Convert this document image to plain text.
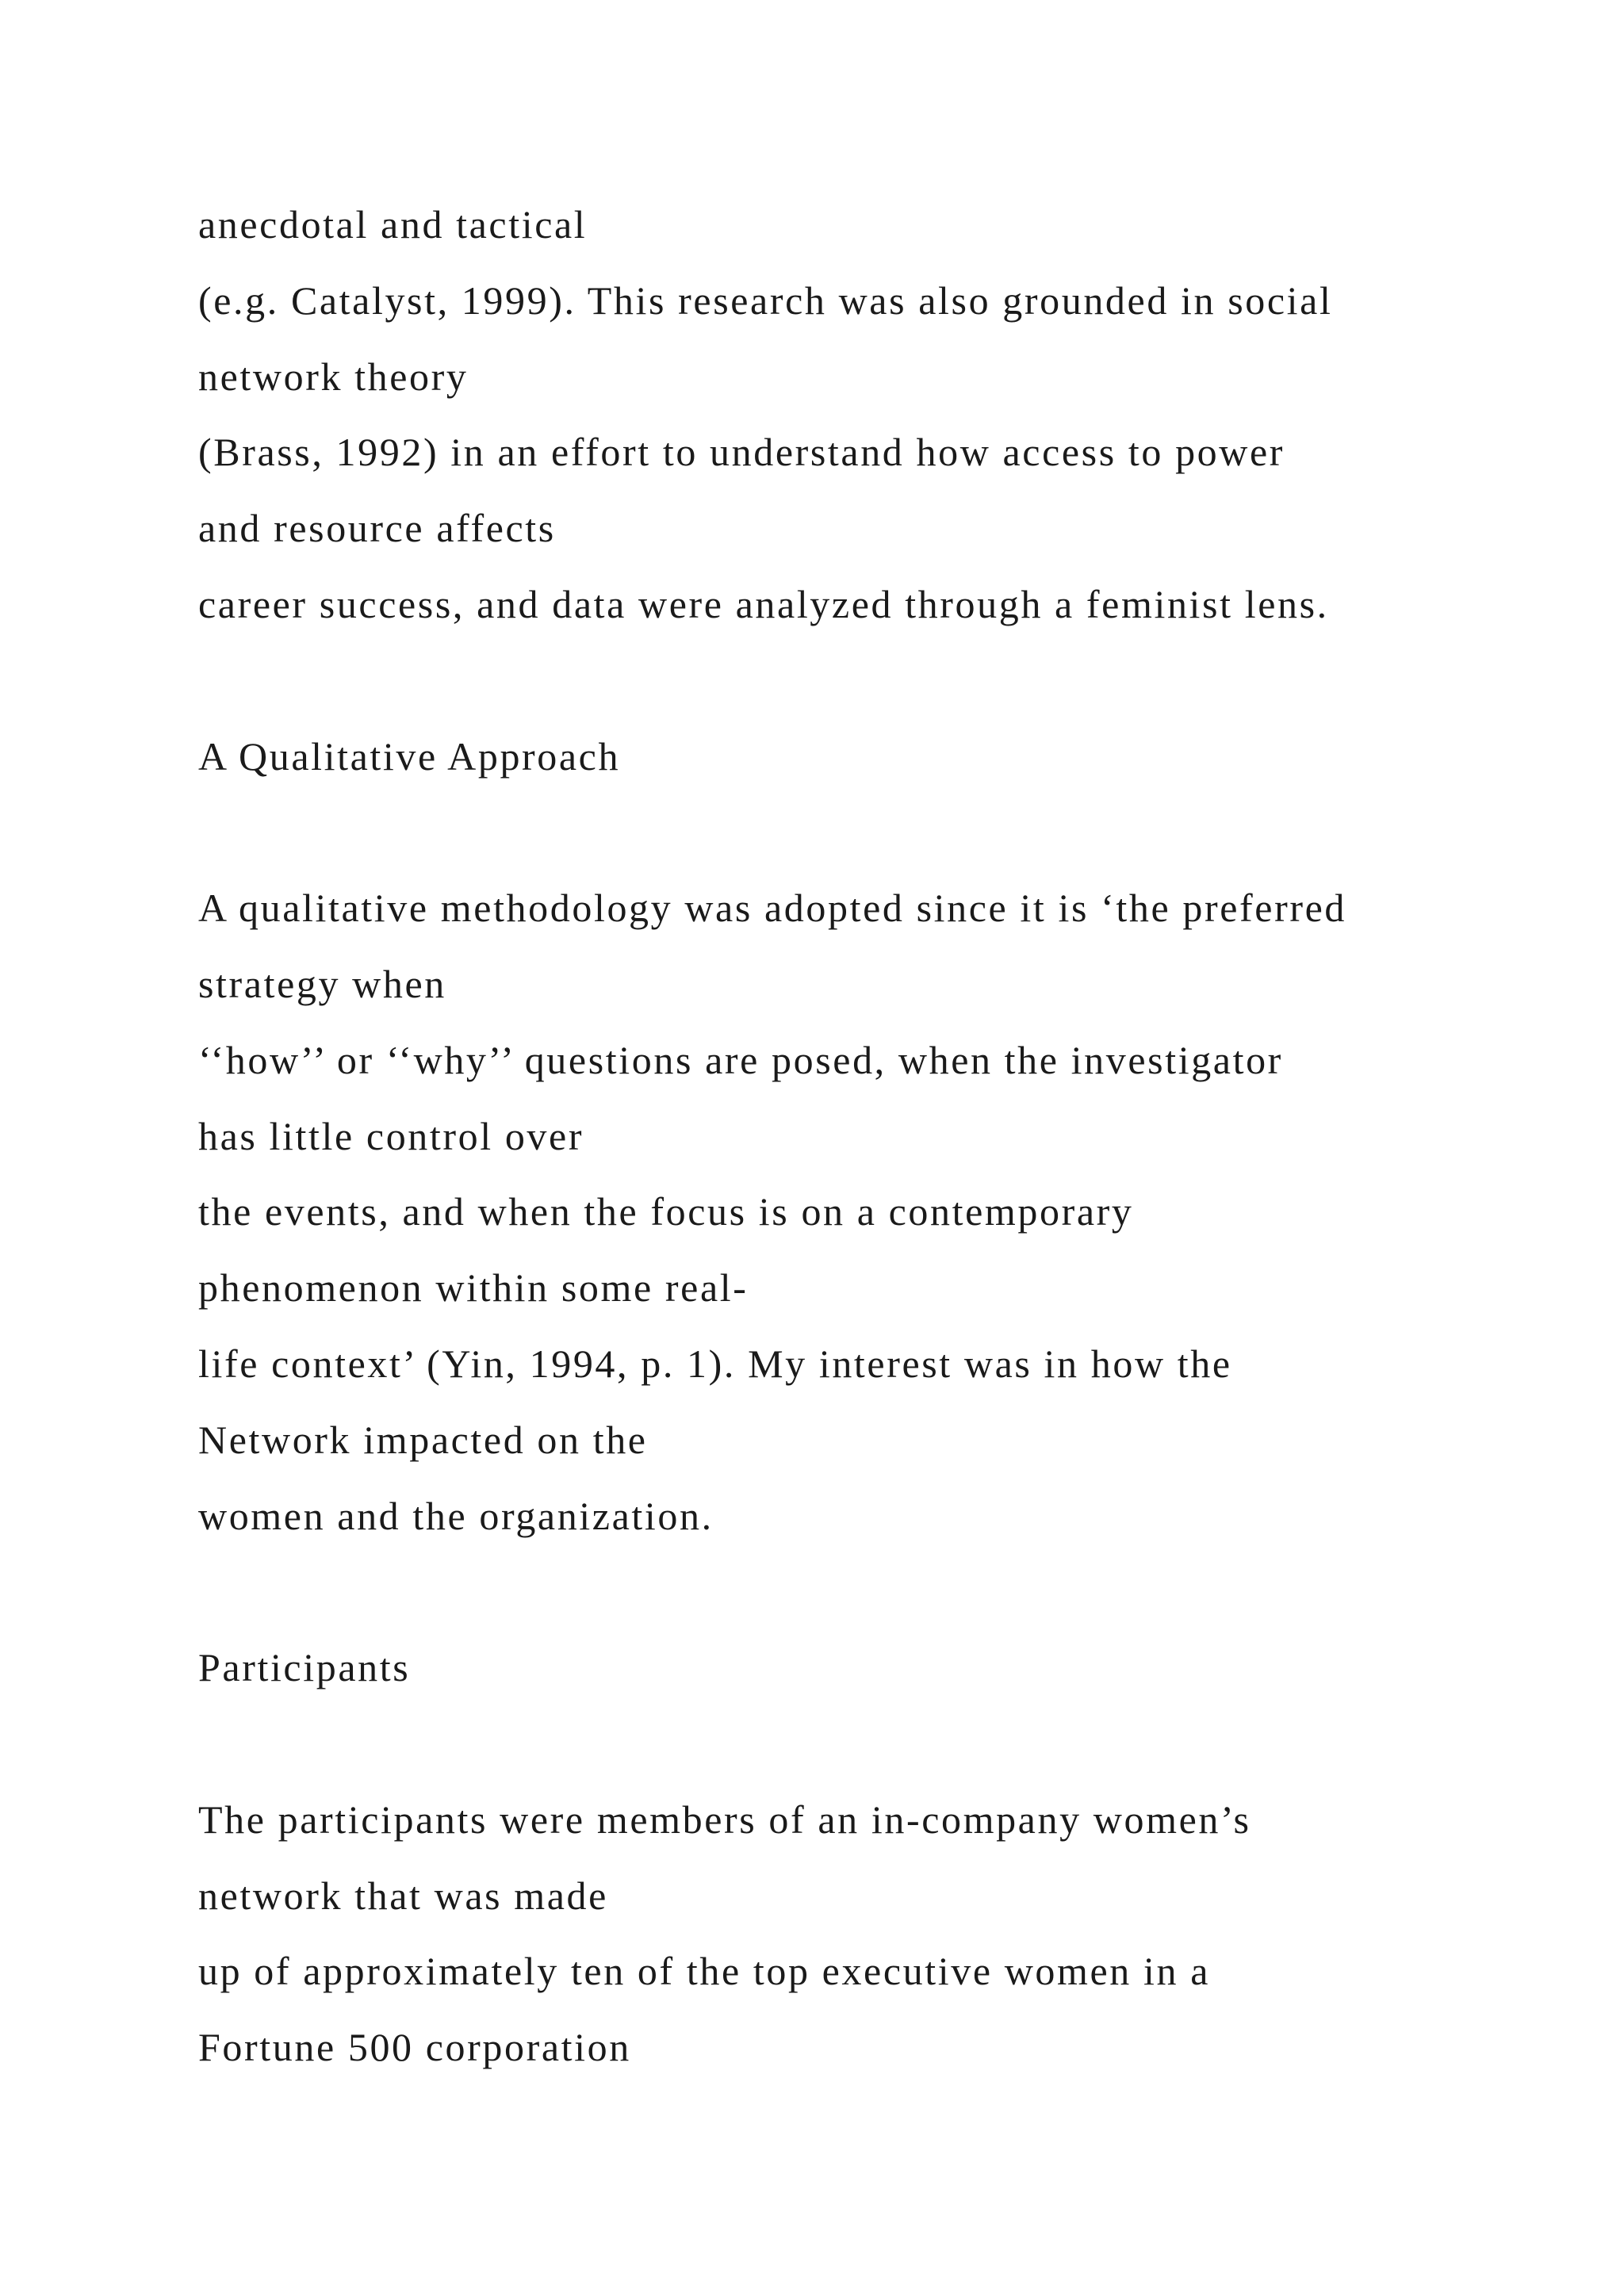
anecdotal and tactical
(e.g. Catalyst, 1999). This research was also grounded in social
network theory
(Brass, 1992) in an effort to understand how access to power
and resource affects
career success, and data were analyzed through a feminist lens.
A Qualitative Approach
A qualitative methodology was adopted since it is ‘the preferred
strategy when
‘‘how’’ or ‘‘why’’ questions are posed, when the investigator
has little control over
the events, and when the focus is on a contemporary
phenomenon within some real-
life context’ (Yin, 1994, p. 1). My interest was in how the
Network impacted on the
women and the organization.
Participants
The participants were members of an in-company women’s
network that was made
up of approximately ten of the top executive women in a
Fortune 500 corporation
